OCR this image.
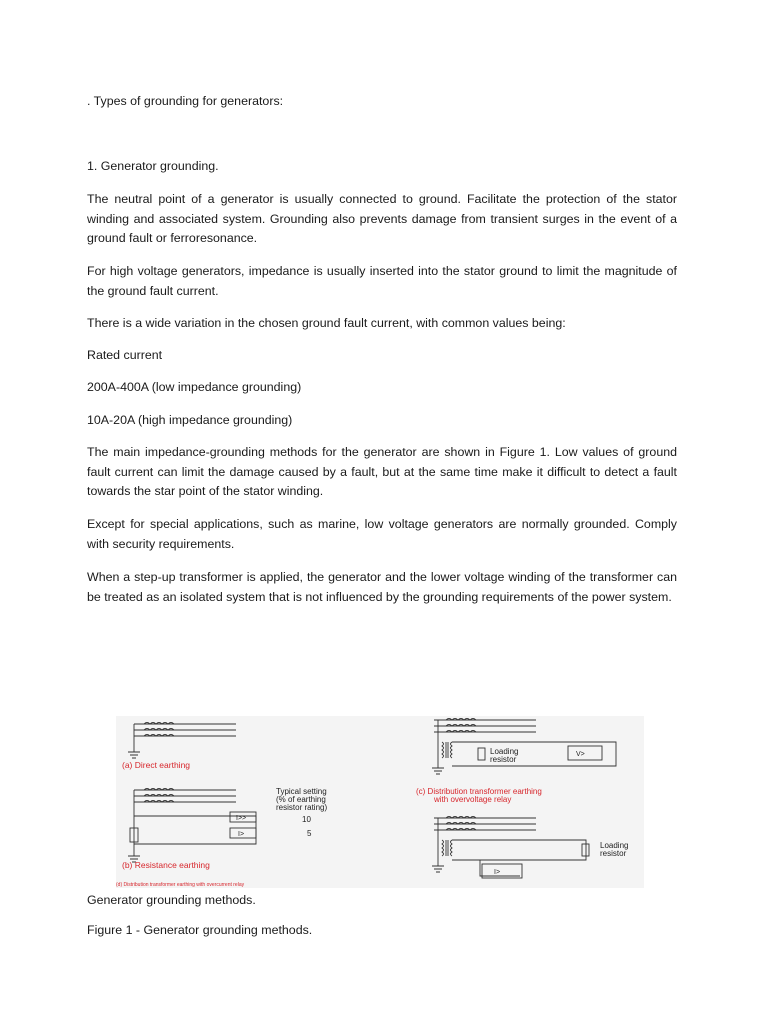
. Types of grounding for generators:

1. Generator grounding.

The neutral point of a generator is usually connected to ground. Facilitate the protection of the stator winding and associated system. Grounding also prevents damage from transient surges in the event of a ground fault or ferroresonance.

For high voltage generators, impedance is usually inserted into the stator ground to limit the magnitude of the ground fault current.

There is a wide variation in the chosen ground fault current, with common values being:

Rated current

200A-400A (low impedance grounding)

10A-20A (high impedance grounding)

The main impedance-grounding methods for the generator are shown in Figure 1. Low values of ground fault current can limit the damage caused by a fault, but at the same time make it difficult to detect a fault towards the star point of the stator winding.

Except for special applications, such as marine, low voltage generators are normally grounded. Comply with security requirements.

When a step-up transformer is applied, the generator and the lower voltage winding of the transformer can be treated as an isolated system that is not influenced by the grounding requirements of the power system.

(a) Direct earthing
(b) Resistance earthing
(c) Distribution transformer earthing
with overvoltage relay
(d) Distribution transformer earthing with overcurrent relay
Typical setting
(% of earthing
resistor rating)
10
5
I>>
I>
V>
I>
Loading
resistor
Loading
resistor

Generator grounding methods.

Figure 1 - Generator grounding methods.
